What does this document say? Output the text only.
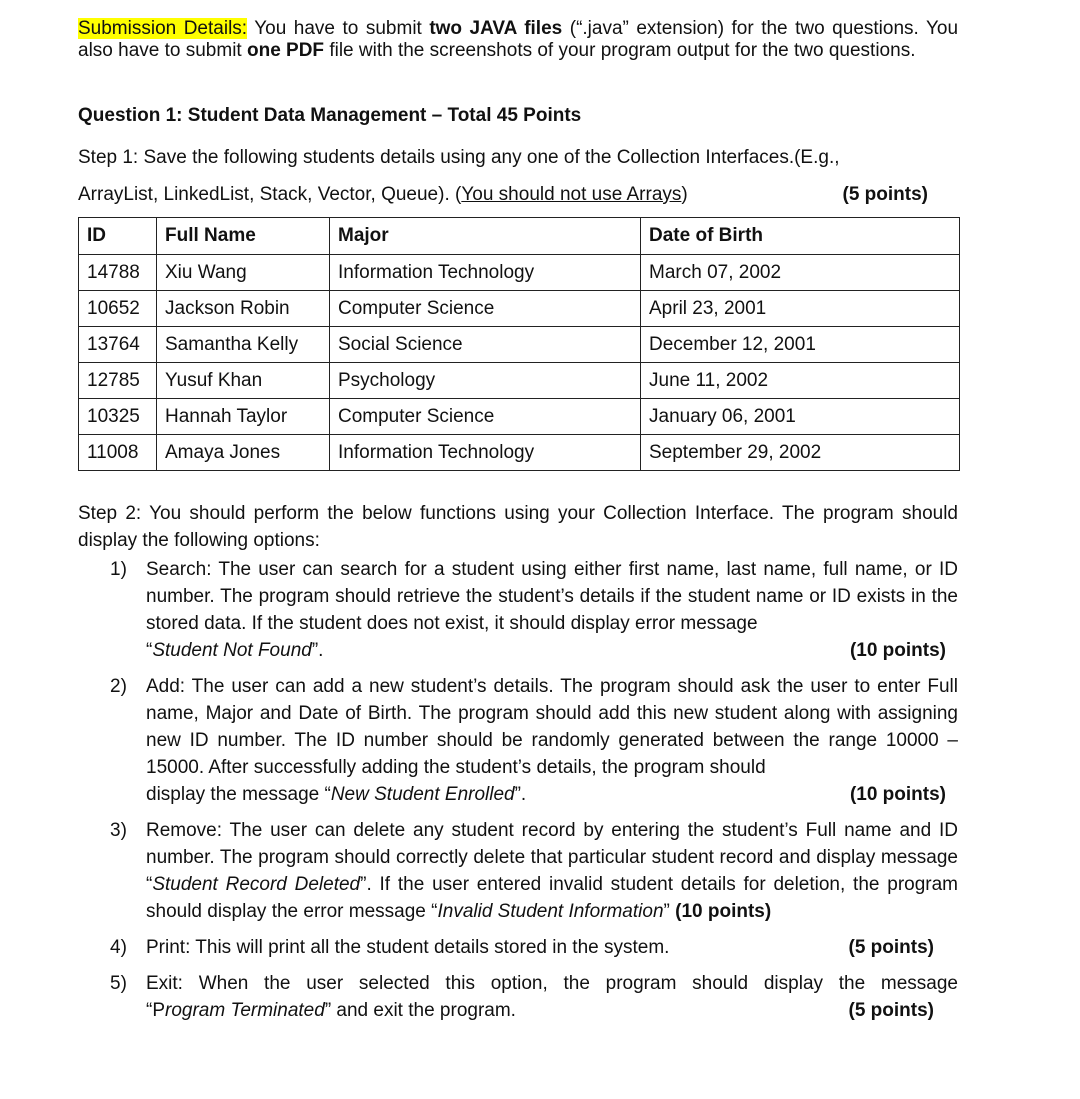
Submission Details: You have to submit two JAVA files (“.java” extension) for the two questions. You also have to submit one PDF file with the screenshots of your program output for the two questions.

Question 1: Student Data Management – Total 45 Points

Step 1: Save the following students details using any one of the Collection Interfaces.(E.g.,
ArrayList, LinkedList, Stack, Vector, Queue). (You should not use Arrays)	(5 points)
ID	Full Name	Major	Date of Birth
14788	Xiu Wang	Information Technology	March 07, 2002
10652	Jackson Robin	Computer Science	April 23, 2001
13764	Samantha Kelly	Social Science	December 12, 2001
12785	Yusuf Khan	Psychology	June 11, 2002
10325	Hannah Taylor	Computer Science	January 06, 2001
11008	Amaya Jones	Information Technology	September 29, 2002

Step 2: You should perform the below functions using your Collection Interface. The program should display the following options:

1)	Search: The user can search for a student using either first name, last name, full name, or ID number. The program should retrieve the student’s details if the student name or ID exists in the stored data. If the student does not exist, it should display error message
“Student Not Found”.	(10 points)
2)	Add: The user can add a new student’s details. The program should ask the user to enter Full name, Major and Date of Birth. The program should add this new student along with assigning new ID number. The ID number should be randomly generated between the range 10000 – 15000. After successfully adding the student’s details, the program should
display the message “New Student Enrolled”.	(10 points)
3)	Remove: The user can delete any student record by entering the student’s Full name and ID number. The program should correctly delete that particular student record and display message “Student Record Deleted”. If the user entered invalid student details for deletion, the program should display the error message “Invalid Student Information” (10 points)
4)	Print: This will print all the student details stored in the system.	(5 points)
5)	Exit: When the user selected this option, the program should display the message
“Program Terminated” and exit the program.	(5 points)
